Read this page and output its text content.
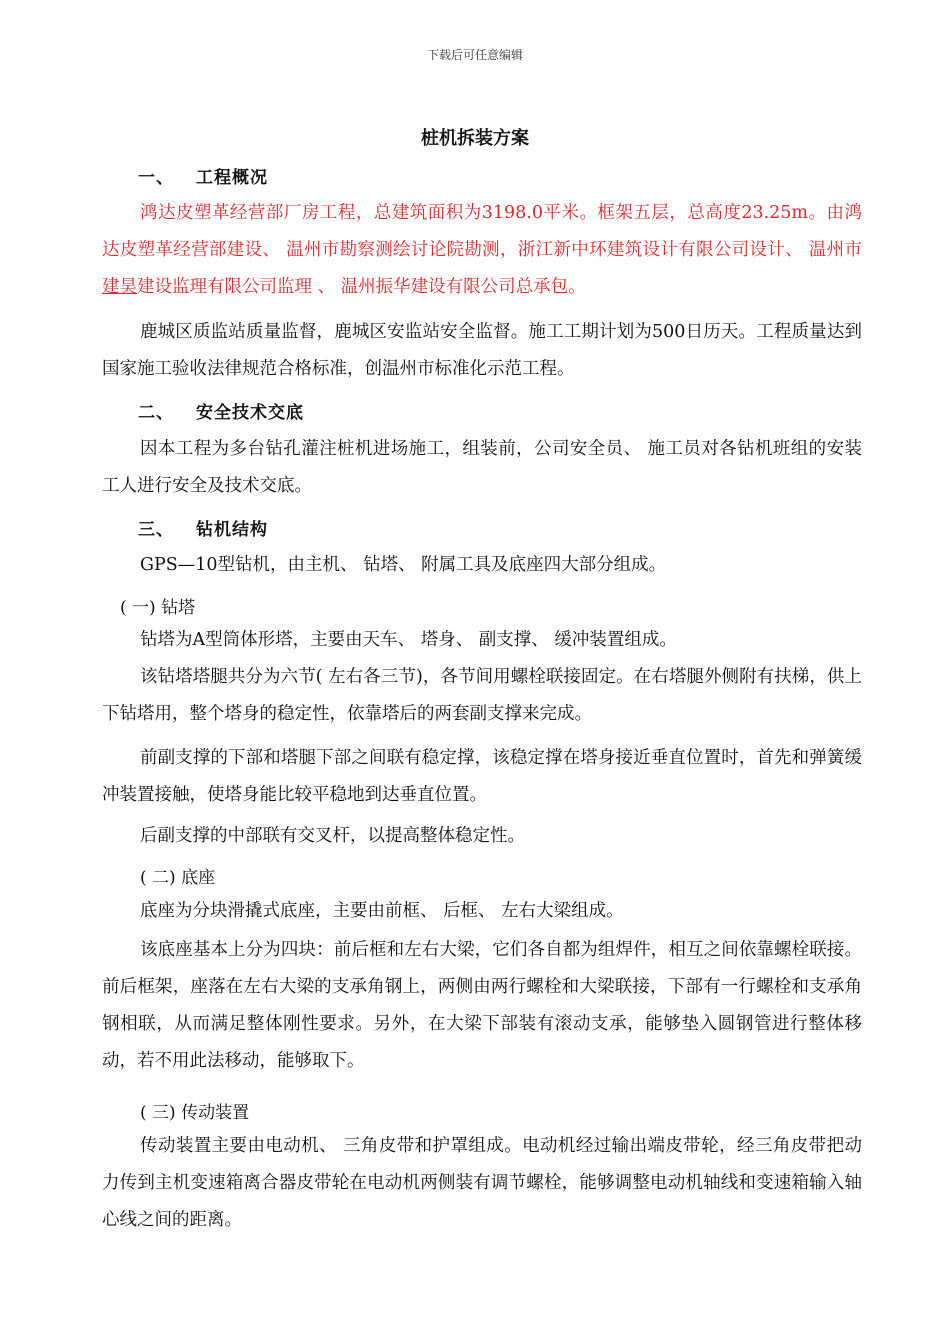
下载后可任意编辑
桩机拆装方案
一、 工程概况
鸿达皮塑革经营部厂房工程，总建筑面积为3198.0平米。框架五层，总高度23.25m。由鸿达皮塑革经营部建设、 温州市勘察测绘讨论院勘测，浙江新中环建筑设计有限公司设计、 温州市建昊建设监理有限公司监理 、 温州振华建设有限公司总承包。
鹿城区质监站质量监督，鹿城区安监站安全监督。施工工期计划为500日历天。工程质量达到国家施工验收法律规范合格标准，创温州市标准化示范工程。
二、 安全技术交底
因本工程为多台钻孔灌注桩机进场施工，组装前，公司安全员、 施工员对各钻机班组的安装工人进行安全及技术交底。
三、 钻机结构
GPS—10型钻机，由主机、 钻塔、 附属工具及底座四大部分组成。
( 一) 钻塔
钻塔为A型筒体形塔，主要由天车、 塔身、 副支撑、 缓冲装置组成。
该钻塔塔腿共分为六节( 左右各三节)，各节间用螺栓联接固定。在右塔腿外侧附有扶梯，供上下钻塔用，整个塔身的稳定性，依靠塔后的两套副支撑来完成。
前副支撑的下部和塔腿下部之间联有稳定撑，该稳定撑在塔身接近垂直位置时，首先和弹簧缓冲装置接触，使塔身能比较平稳地到达垂直位置。
后副支撑的中部联有交叉杆，以提高整体稳定性。
( 二) 底座
底座为分块滑撬式底座，主要由前框、 后框、 左右大梁组成。
该底座基本上分为四块：前后框和左右大梁，它们各自都为组焊件，相互之间依靠螺栓联接。前后框架，座落在左右大梁的支承角钢上，两侧由两行螺栓和大梁联接，下部有一行螺栓和支承角钢相联，从而满足整体刚性要求。另外，在大梁下部装有滚动支承，能够垫入圆钢管进行整体移动，若不用此法移动，能够取下。
( 三) 传动装置
传动装置主要由电动机、 三角皮带和护罩组成。电动机经过输出端皮带轮，经三角皮带把动力传到主机变速箱离合器皮带轮在电动机两侧装有调节螺栓，能够调整电动机轴线和变速箱输入轴心线之间的距离。
